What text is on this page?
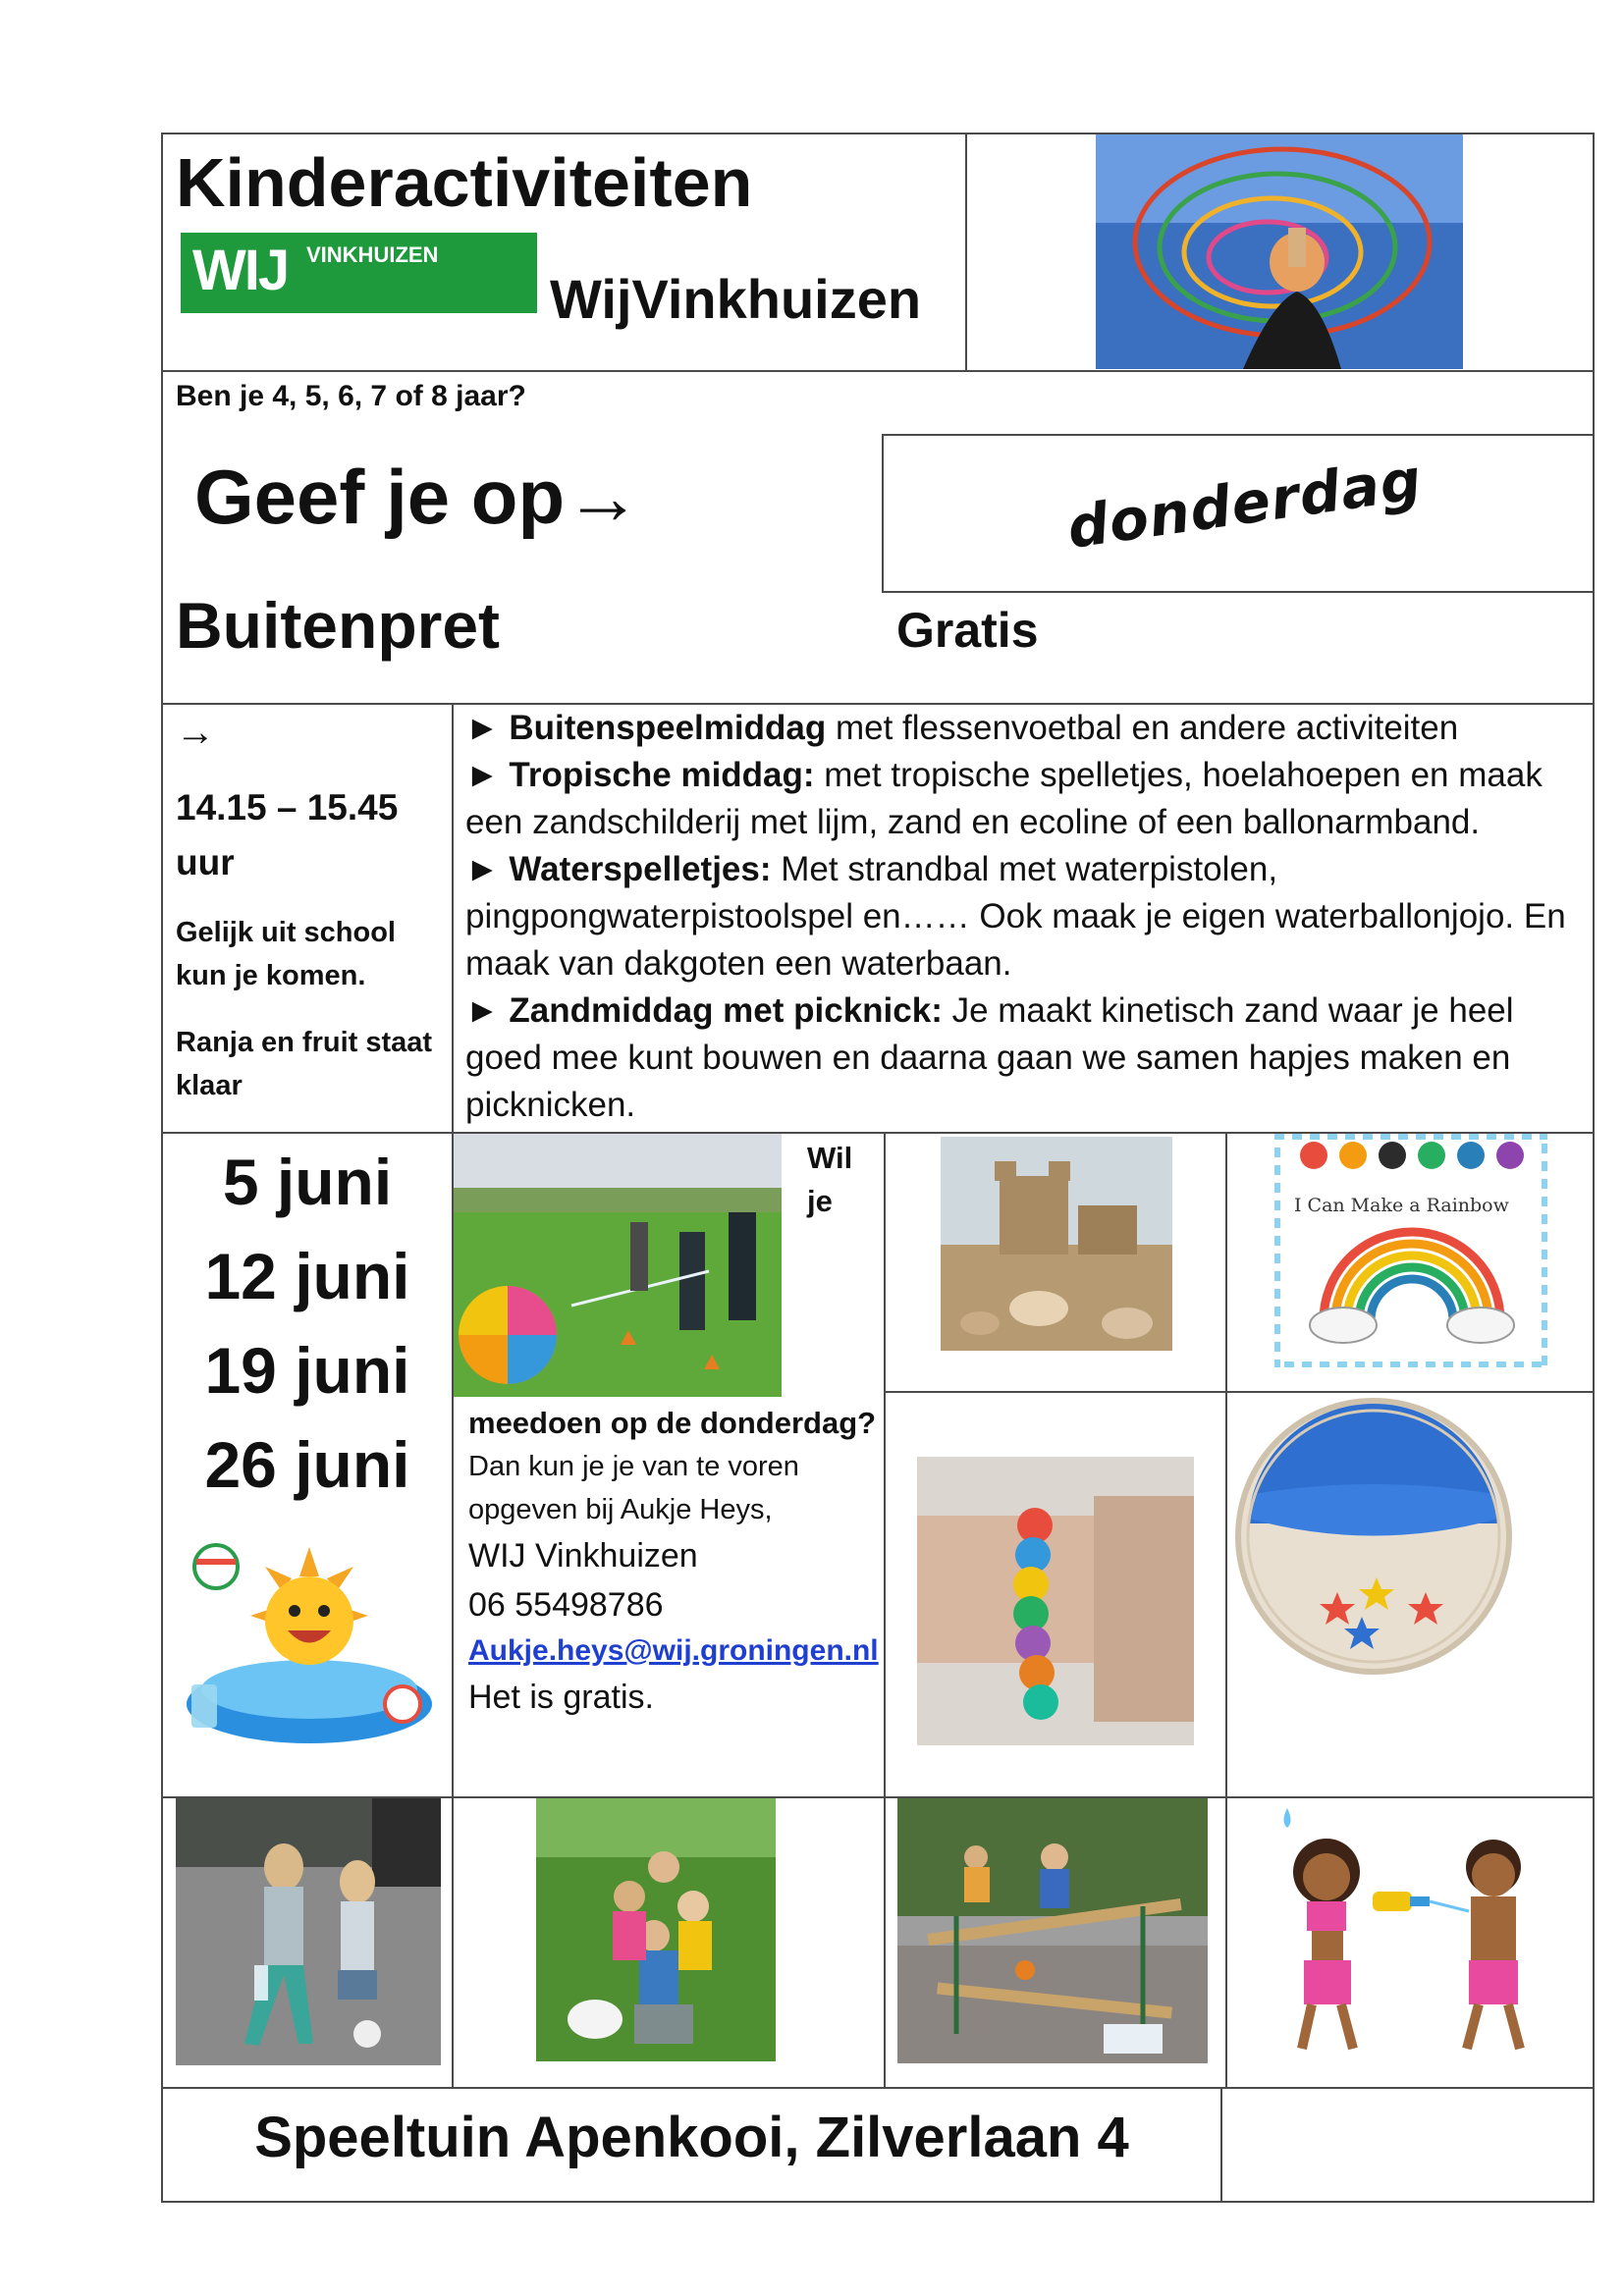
Kinderactiviteiten
WIJ VINKHUIZEN
WijVinkhuizen
Ben je 4, 5, 6, 7 of 8 jaar?
Geef je op→	donderdag
Buitenpret	Gratis
→
14.15 – 15.45
uur
Gelijk uit school kun je komen.
Ranja en fruit staat klaar

► Buitenspeelmiddag met flessenvoetbal en andere activiteiten

► Tropische middag: met tropische spelletjes, hoelahoepen en maak een zandschilderij met lijm, zand en ecoline of een ballonarmband.

► Waterspelletjes: Met strandbal met waterpistolen, pingpongwaterpistoolspel en…… Ook maak je eigen waterballonjojo. En maak van dakgoten een waterbaan.

► Zandmiddag met picknick: Je maakt kinetisch zand waar je heel goed mee kunt bouwen en daarna gaan we samen hapjes maken en picknicken.

5 juni
12 juni
19 juni
26 juni
Wil
je
meedoen op de donderdag?
Dan kun je je van te voren opgeven bij Aukje Heys,
WIJ Vinkhuizen
06 55498786
Aukje.heys@wij.groningen.nl
Het is gratis.
I Can Make a Rainbow
Speeltuin Apenkooi, Zilverlaan 4
